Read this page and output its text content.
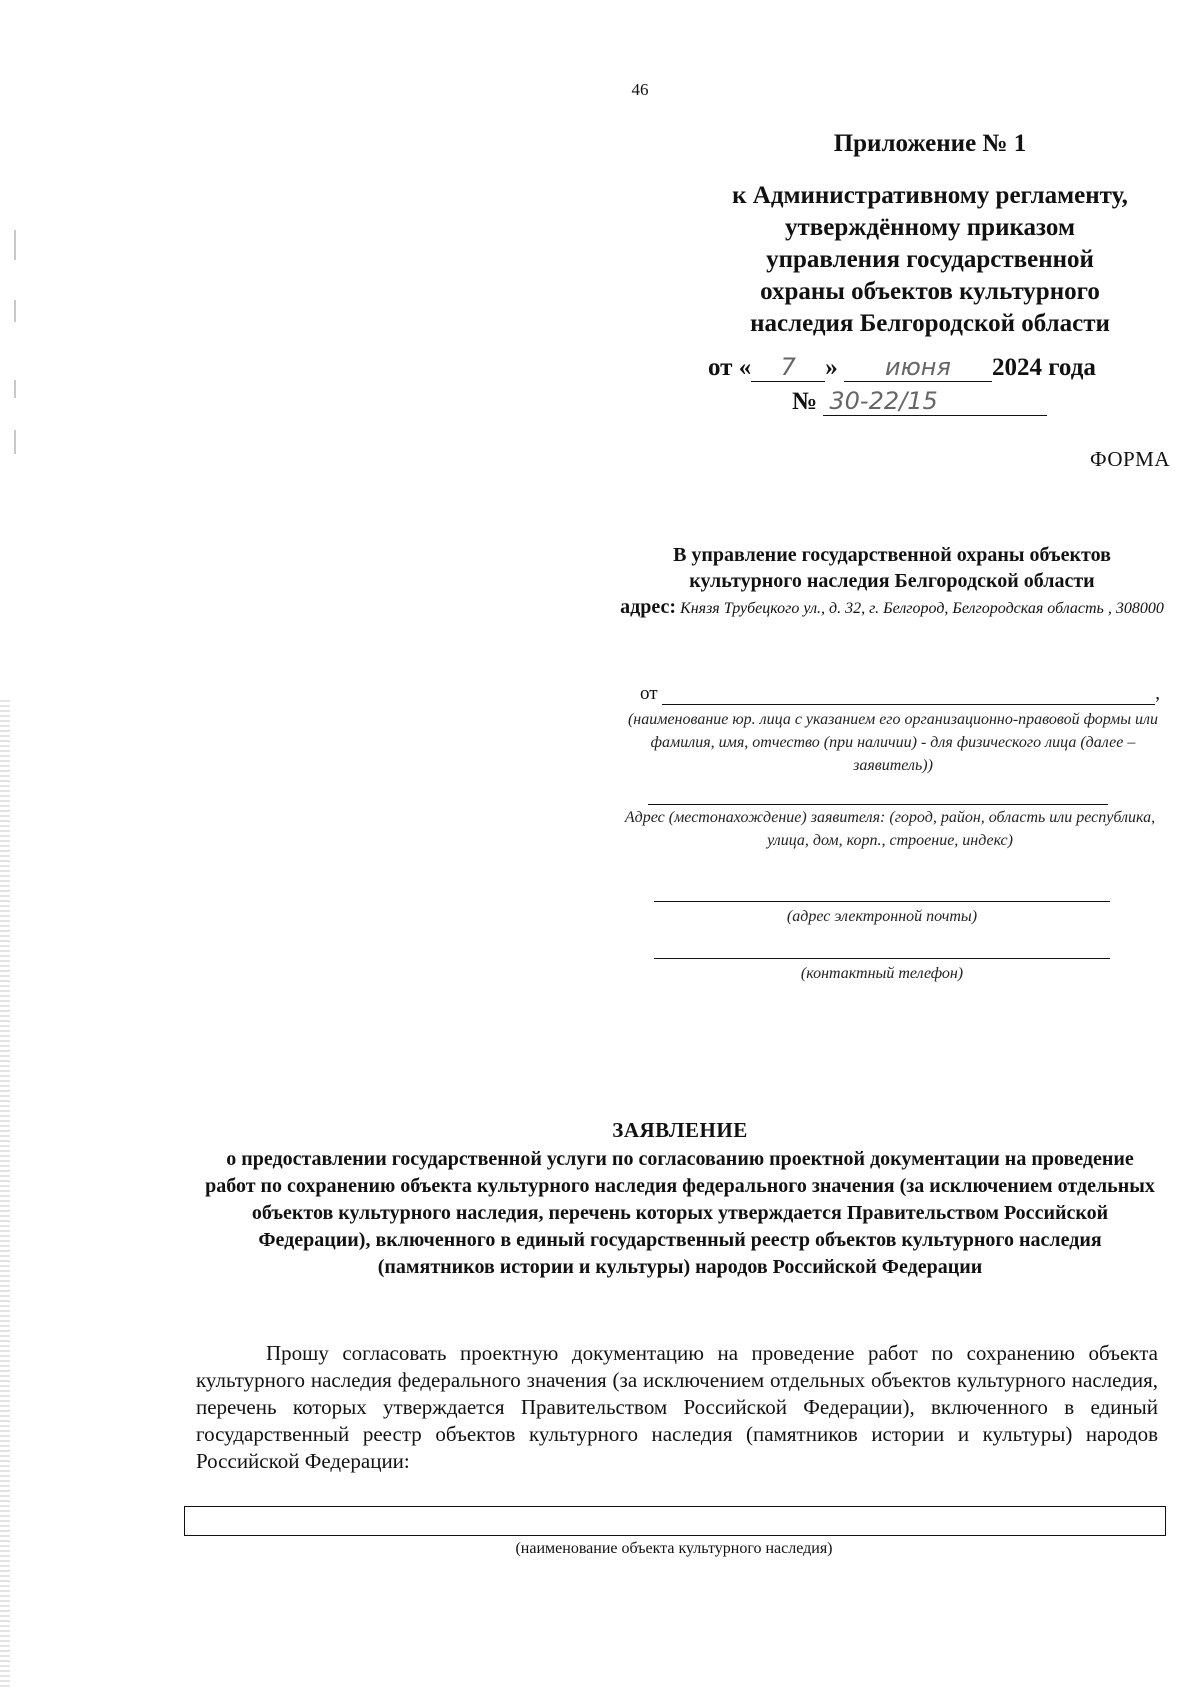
46
Приложение № 1
к Административному регламенту,
утверждённому приказом
управления государственной
охраны объектов культурного
наследия Белгородской области
от « 7 » июня 2024 года
№ 30-22/15
ФОРМА
В управление государственной охраны объектов
культурного наследия Белгородской области
адрес: Князя Трубецкого ул., д. 32, г. Белгород, Белгородская область , 308000
от	,
(наименование юр. лица с указанием его организационно-правовой формы или фамилия, имя, отчество (при наличии) - для физического лица (далее – заявитель))
Адрес (местонахождение) заявителя: (город, район, область или республика, улица, дом, корп., строение, индекс)
(адрес электронной почты)
(контактный телефон)
ЗАЯВЛЕНИЕ
о предоставлении государственной услуги по согласованию проектной документации на проведение работ по сохранению объекта культурного наследия федерального значения (за исключением отдельных объектов культурного наследия, перечень которых утверждается Правительством Российской Федерации), включенного в единый государственный реестр объектов культурного наследия (памятников истории и культуры) народов Российской Федерации
Прошу согласовать проектную документацию на проведение работ по сохранению объекта культурного наследия федерального значения (за исключением отдельных объектов культурного наследия, перечень которых утверждается Правительством Российской Федерации), включенного в единый государственный реестр объектов культурного наследия (памятников истории и культуры) народов Российской Федерации:
(наименование объекта культурного наследия)
